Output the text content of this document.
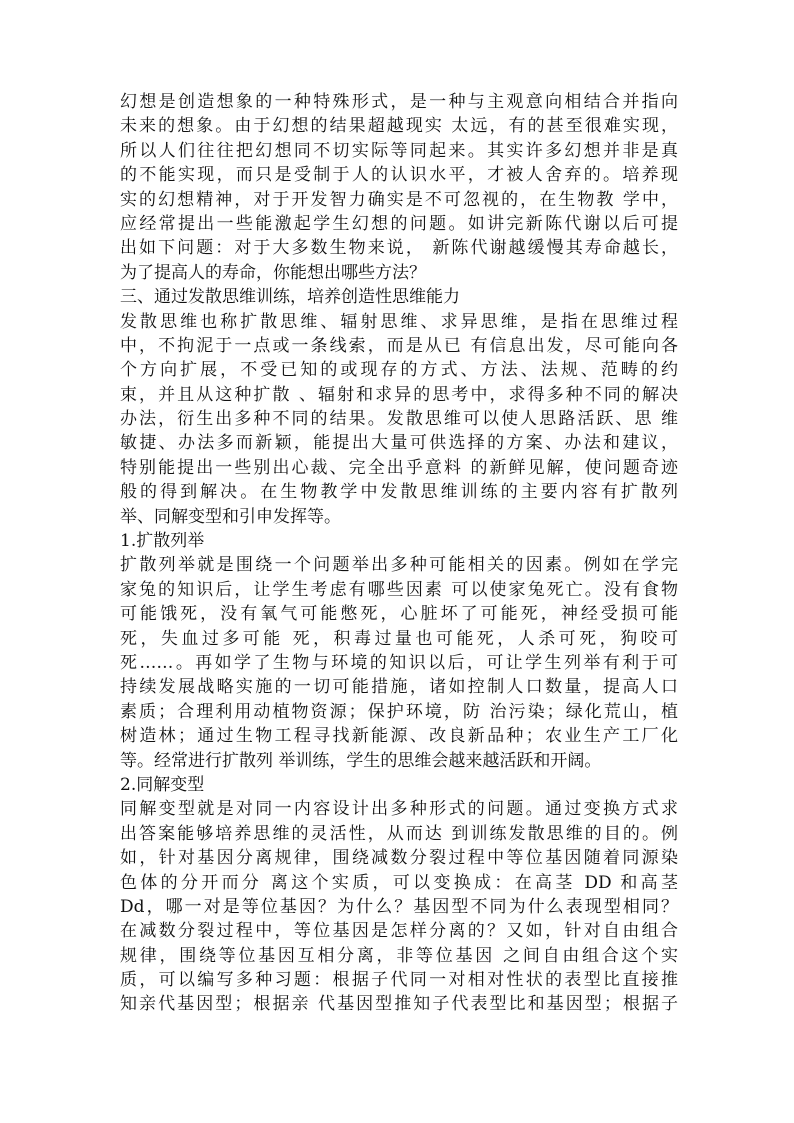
幻想是创造想象的一种特殊形式，是一种与主观意向相结合并指向
未来的想象。由于幻想的结果超越现实 太远，有的甚至很难实现，
所以人们往往把幻想同不切实际等同起来。其实许多幻想并非是真
的不能实现，而只是受制于人的认识水平，才被人舍弃的。培养现
实的幻想精神，对于开发智力确实是不可忽视的，在生物教 学中，
应经常提出一些能激起学生幻想的问题。如讲完新陈代谢以后可提
出如下问题：对于大多数生物来说， 新陈代谢越缓慢其寿命越长，
为了提高人的寿命，你能想出哪些方法？
三、通过发散思维训练，培养创造性思维能力
发散思维也称扩散思维、辐射思维、求异思维，是指在思维过程
中，不拘泥于一点或一条线索，而是从已 有信息出发，尽可能向各
个方向扩展，不受已知的或现存的方式、方法、法规、范畴的约
束，并且从这种扩散 、辐射和求异的思考中，求得多种不同的解决
办法，衍生出多种不同的结果。发散思维可以使人思路活跃、思 维
敏捷、办法多而新颖，能提出大量可供选择的方案、办法和建议，
特别能提出一些别出心裁、完全出乎意料 的新鲜见解，使问题奇迹
般的得到解决。在生物教学中发散思维训练的主要内容有扩散列
举、同解变型和引申发挥等。
1.扩散列举
扩散列举就是围绕一个问题举出多种可能相关的因素。例如在学完
家兔的知识后，让学生考虑有哪些因素 可以使家兔死亡。没有食物
可能饿死，没有氧气可能憋死，心脏坏了可能死，神经受损可能
死，失血过多可能 死，积毒过量也可能死，人杀可死，狗咬可
死……。再如学了生物与环境的知识以后，可让学生列举有利于可
持续发展战略实施的一切可能措施，诸如控制人口数量，提高人口
素质；合理利用动植物资源；保护环境，防 治污染；绿化荒山，植
树造林；通过生物工程寻找新能源、改良新品种；农业生产工厂化
等。经常进行扩散列 举训练，学生的思维会越来越活跃和开阔。
2.同解变型
同解变型就是对同一内容设计出多种形式的问题。通过变换方式求
出答案能够培养思维的灵活性，从而达 到训练发散思维的目的。例
如，针对基因分离规律，围绕减数分裂过程中等位基因随着同源染
色体的分开而分 离这个实质，可以变换成：在高茎 DD 和高茎
Dd，哪一对是等位基因？为什么？基因型不同为什么表现型相同？
在减数分裂过程中，等位基因是怎样分离的？又如，针对自由组合
规律，围绕等位基因互相分离，非等位基因 之间自由组合这个实
质，可以编写多种习题：根据子代同一对相对性状的表型比直接推
知亲代基因型；根据亲 代基因型推知子代表型比和基因型；根据子
